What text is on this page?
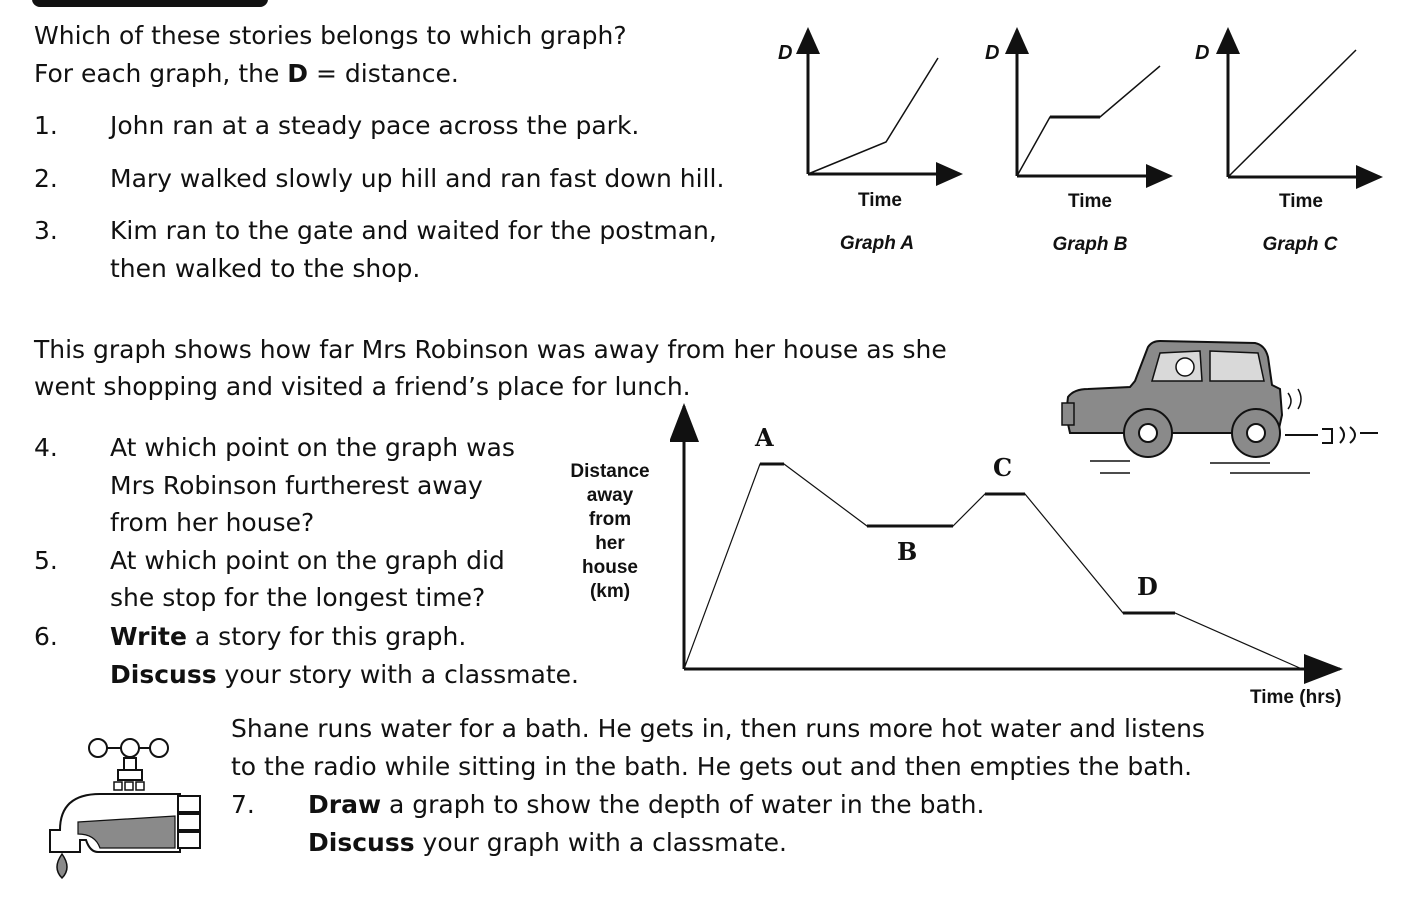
Which of these stories belongs to which graph?
For each graph, the D = distance.
1. John ran at a steady pace across the park.
2. Mary walked slowly up hill and ran fast down hill.
3. Kim ran to the gate and waited for the postman,
then walked to the shop.
D	D	D
Time	Time	Time
Graph A	Graph B	Graph C
This graph shows how far Mrs Robinson was away from her house as she
went shopping and visited a friend’s place for lunch.
4. At which point on the graph was
Mrs Robinson furtherest away
from her house?
5. At which point on the graph did
she stop for the longest time?
6. Write a story for this graph.
Discuss your story with a classmate.
Distance
away
from
her
house
(km)
A
B
C
D
Time (hrs)
Shane runs water for a bath. He gets in, then runs more hot water and listens
to the radio while sitting in the bath. He gets out and then empties the bath.
7. Draw a graph to show the depth of water in the bath.
Discuss your graph with a classmate.
